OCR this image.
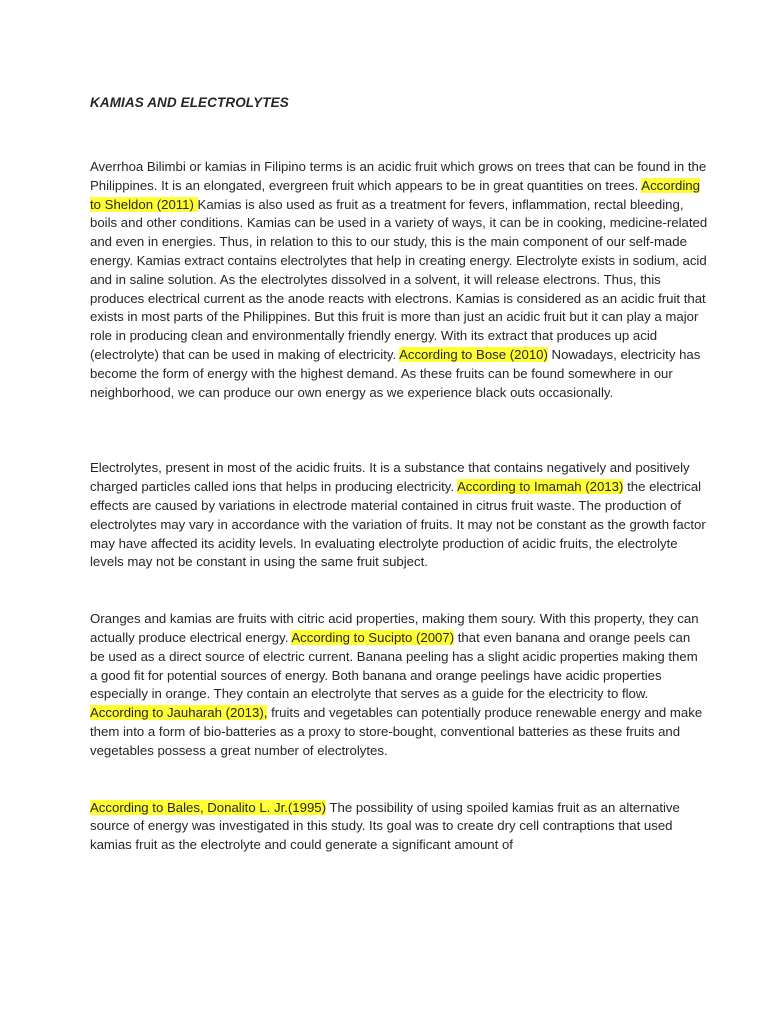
KAMIAS AND ELECTROLYTES

Averrhoa Bilimbi or kamias in Filipino terms is an acidic fruit which grows on trees that can be found in the Philippines. It is an elongated, evergreen fruit which appears to be in great quantities on trees. According to Sheldon (2011) Kamias is also used as fruit as a treatment for fevers, inflammation, rectal bleeding, boils and other conditions. Kamias can be used in a variety of ways, it can be in cooking, medicine-related and even in energies. Thus, in relation to this to our study, this is the main component of our self-made energy. Kamias extract contains electrolytes that help in creating energy. Electrolyte exists in sodium, acid and in saline solution. As the electrolytes dissolved in a solvent, it will release electrons. Thus, this produces electrical current as the anode reacts with electrons. Kamias is considered as an acidic fruit that exists in most parts of the Philippines. But this fruit is more than just an acidic fruit but it can play a major role in producing clean and environmentally friendly energy. With its extract that produces up acid (electrolyte) that can be used in making of electricity. According to Bose (2010) Nowadays, electricity has become the form of energy with the highest demand. As these fruits can be found somewhere in our neighborhood, we can produce our own energy as we experience black outs occasionally.

Electrolytes, present in most of the acidic fruits. It is a substance that contains negatively and positively charged particles called ions that helps in producing electricity. According to Imamah (2013) the electrical effects are caused by variations in electrode material contained in citrus fruit waste. The production of electrolytes may vary in accordance with the variation of fruits. It may not be constant as the growth factor may have affected its acidity levels. In evaluating electrolyte production of acidic fruits, the electrolyte levels may not be constant in using the same fruit subject.

Oranges and kamias are fruits with citric acid properties, making them soury. With this property, they can actually produce electrical energy. According to Sucipto (2007) that even banana and orange peels can be used as a direct source of electric current. Banana peeling has a slight acidic properties making them a good fit for potential sources of energy. Both banana and orange peelings have acidic properties especially in orange. They contain an electrolyte that serves as a guide for the electricity to flow. According to Jauharah (2013), fruits and vegetables can potentially produce renewable energy and make them into a form of bio-batteries as a proxy to store-bought, conventional batteries as these fruits and vegetables possess a great number of electrolytes.

According to Bales, Donalito L. Jr.(1995) The possibility of using spoiled kamias fruit as an alternative source of energy was investigated in this study. Its goal was to create dry cell contraptions that used kamias fruit as the electrolyte and could generate a significant amount of
